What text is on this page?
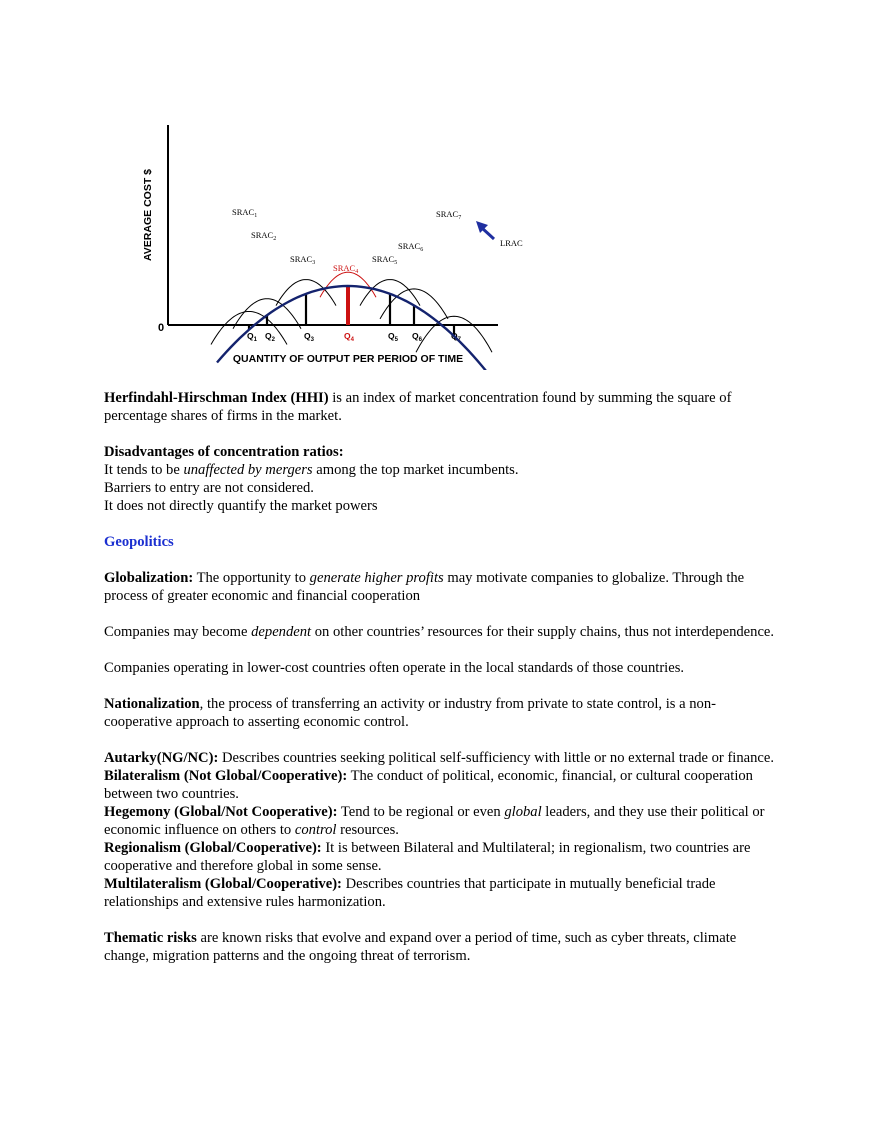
0
AVERAGE COST $
QUANTITY OF OUTPUT PER PERIOD OF TIME
$SRAC_1$
$Q_1$
$SRAC_2$
$Q_2$
$SRAC_3$
$Q_3$
$SRAC_4$
$Q_4$
$SRAC_5$
$Q_5$
$SRAC_6$
$Q_6$
$SRAC_7$
$Q_7$
LRAC

Herfindahl-Hirschman Index (HHI) is an index of market concentration found by summing the square of percentage shares of firms in the market.

Disadvantages of concentration ratios:

It tends to be unaffected by mergers among the top market incumbents.

Barriers to entry are not considered.

It does not directly quantify the market powers

Geopolitics

Globalization: The opportunity to generate higher profits may motivate companies to globalize. Through the process of greater economic and financial cooperation

Companies may become dependent on other countries’ resources for their supply chains, thus not interdependence.

Companies operating in lower-cost countries often operate in the local standards of those countries.

Nationalization, the process of transferring an activity or industry from private to state control, is a non-cooperative approach to asserting economic control.

Autarky(NG/NC): Describes countries seeking political self-sufficiency with little or no external trade or finance.

Bilateralism (Not Global/Cooperative): The conduct of political, economic, financial, or cultural cooperation between two countries.

Hegemony (Global/Not Cooperative): Tend to be regional or even global leaders, and they use their political or economic influence on others to control resources.

Regionalism (Global/Cooperative): It is between Bilateral and Multilateral; in regionalism, two countries are cooperative and therefore global in some sense.

Multilateralism (Global/Cooperative): Describes countries that participate in mutually beneficial trade relationships and extensive rules harmonization.

Thematic risks are known risks that evolve and expand over a period of time, such as cyber threats, climate change, migration patterns and the ongoing threat of terrorism.
